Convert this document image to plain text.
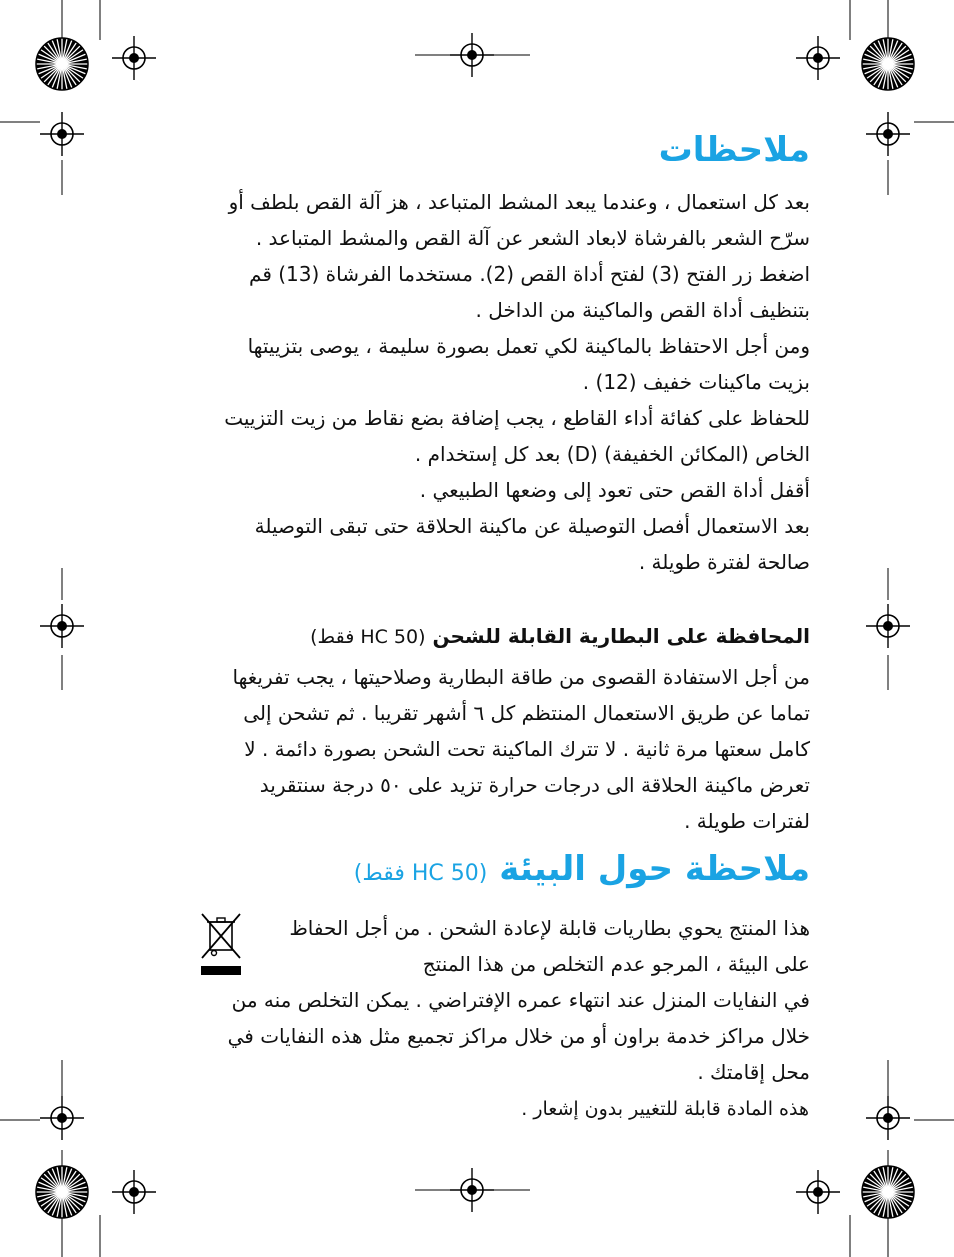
ملاحظات

بعد كل استعمال ، وعندما يبعد المشط المتباعد ، هز آلة القص بلطف أو سرّح الشعر بالفرشاة لابعاد الشعر عن آلة القص والمشط المتباعد .

اضغط زر الفتح (3) لفتح أداة القص (2). مستخدما الفرشاة (13) قم بتنظيف أداة القص والماكينة من الداخل .

ومن أجل الاحتفاظ بالماكينة لكي تعمل بصورة سليمة ، يوصى بتزييتها بزيت ماكينات خفيف (12) .

للحفاظ على كفائة أداء القاطع ، يجب إضافة بضع نقاط من زيت التزييت الخاص (المكائن الخفيفة) (D) بعد كل إستخدام .

أقفل أداة القص حتى تعود إلى وضعها الطبيعي .

بعد الاستعمال أفصل التوصيلة عن ماكينة الحلاقة حتى تبقى التوصيلة صالحة لفترة طويلة .

المحافظة على البطارية القابلة للشحن (HC 50 فقط)

من أجل الاستفادة القصوى من طاقة البطارية وصلاحيتها ، يجب تفريغها تماما عن طريق الاستعمال المنتظم كل ٦ أشهر تقريبا . ثم تشحن إلى كامل سعتها مرة ثانية . لا تترك الماكينة تحت الشحن بصورة دائمة . لا تعرض ماكينة الحلاقة الى درجات حرارة تزيد على ٥٠ درجة سنتقريد لفترات طويلة .

ملاحظة حول البيئة (HC 50 فقط)

هذا المنتج يحوي بطاريات قابلة لإعادة الشحن . من أجل الحفاظ على البيئة ، المرجو عدم التخلص من هذا المنتج

في النفايات المنزل عند انتهاء عمره الإفتراضي . يمكن التخلص منه من خلال مراكز خدمة براون أو من خلال مراكز تجميع مثل هذه النفايات في محل إقامتك .

هذه المادة قابلة للتغيير بدون إشعار .
